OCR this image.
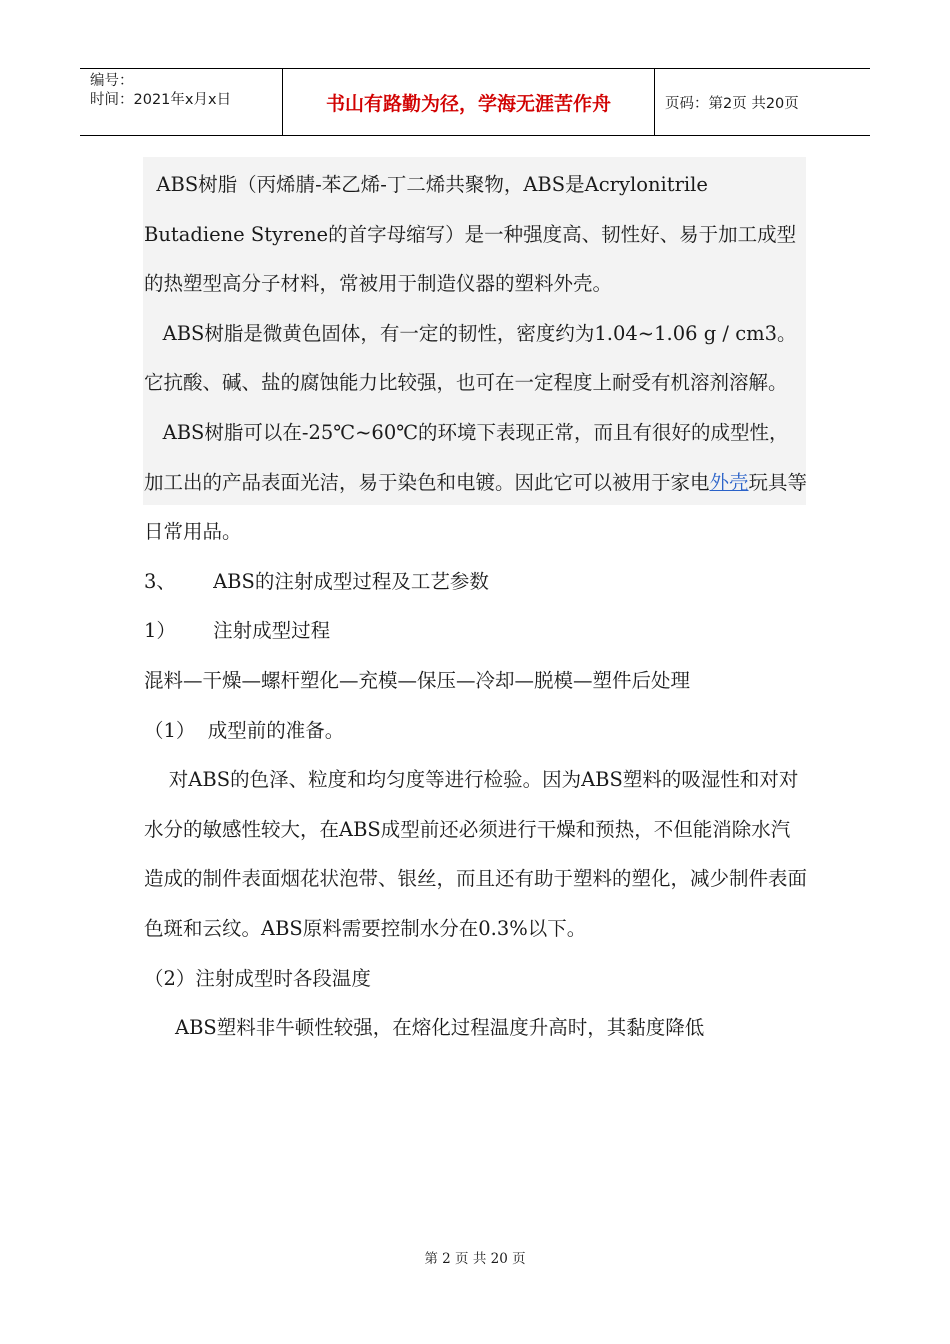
编号：
时间：2021年x月x日	书山有路勤为径，学海无涯苦作舟	页码：第2页 共20页

ABS树脂（丙烯腈-苯乙烯-丁二烯共聚物，ABS是Acrylonitrile Butadiene Styrene的首字母缩写）是一种强度高、韧性好、易于加工成型的热塑型高分子材料，常被用于制造仪器的塑料外壳。

ABS树脂是微黄色固体，有一定的韧性，密度约为1.04~1.06 g / cm3。它抗酸、碱、盐的腐蚀能力比较强，也可在一定程度上耐受有机溶剂溶解。

ABS树脂可以在-25℃~60℃的环境下表现正常，而且有很好的成型性，加工出的产品表面光洁，易于染色和电镀。因此它可以被用于家电外壳玩具等日常用品。

3、      ABS的注射成型过程及工艺参数

1）      注射成型过程

混料—干燥—螺杆塑化—充模—保压—冷却—脱模—塑件后处理

（1）  成型前的准备。

对ABS的色泽、粒度和均匀度等进行检验。因为ABS塑料的吸湿性和对对水分的敏感性较大，在ABS成型前还必须进行干燥和预热，不但能消除水汽造成的制件表面烟花状泡带、银丝，而且还有助于塑料的塑化，减少制件表面色斑和云纹。ABS原料需要控制水分在0.3%以下。

（2）注射成型时各段温度

ABS塑料非牛顿性较强，在熔化过程温度升高时，其黏度降低

第 2 页 共 20 页
